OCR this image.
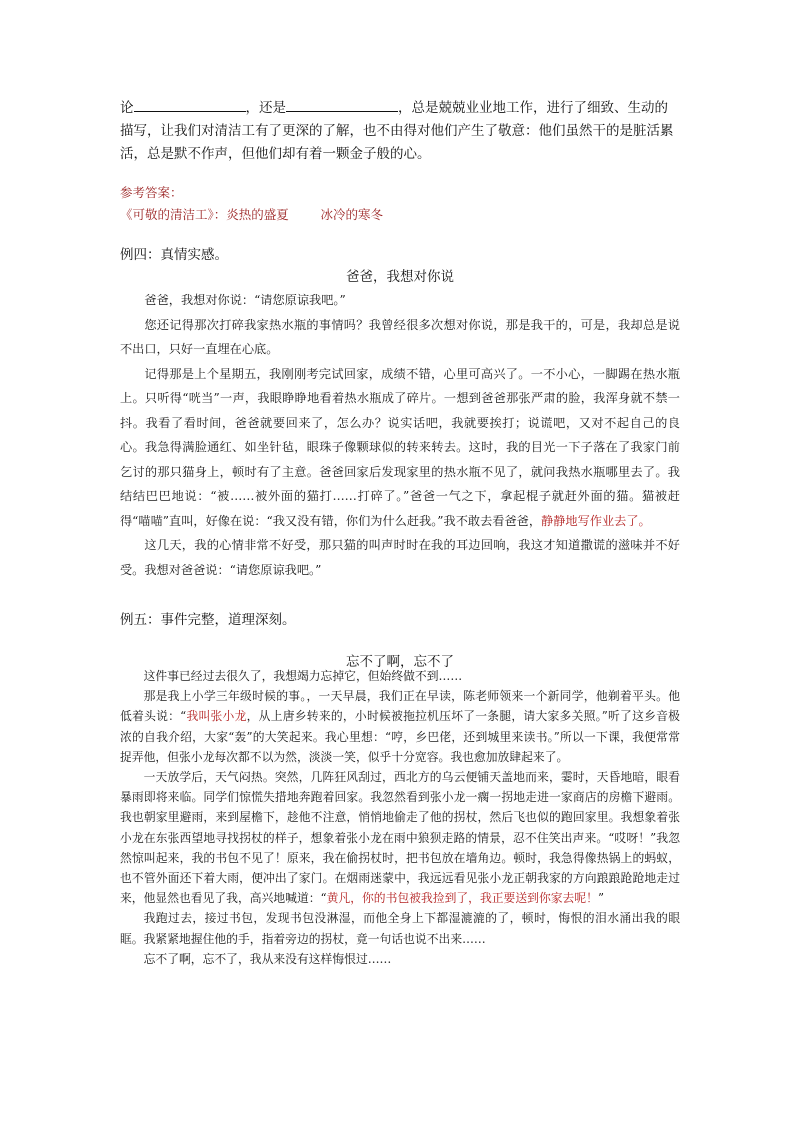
论	，还是	，总是兢兢业业地工作，进行了细致、生动的描写，让我们对清洁工有了更深的了解，也不由得对他们产生了敬意：他们虽然干的是脏活累活，总是默不作声，但他们却有着一颗金子般的心。
参考答案：
《可敬的清洁工》：炎热的盛夏        冰冷的寒冬
例四：真情实感。
爸爸，我想对你说

爸爸，我想对你说：“请您原谅我吧。”

您还记得那次打碎我家热水瓶的事情吗？我曾经很多次想对你说，那是我干的，可是，我却总是说不出口，只好一直埋在心底。

记得那是上个星期五，我刚刚考完试回家，成绩不错，心里可高兴了。一不小心，一脚踢在热水瓶上。只听得“咣当”一声，我眼睁睁地看着热水瓶成了碎片。一想到爸爸那张严肃的脸，我浑身就不禁一抖。我看了看时间，爸爸就要回来了，怎么办？说实话吧，我就要挨打；说谎吧，又对不起自己的良心。我急得满脸通红、如坐针毡，眼珠子像颗球似的转来转去。这时，我的目光一下子落在了我家门前乞讨的那只猫身上，顿时有了主意。爸爸回家后发现家里的热水瓶不见了，就问我热水瓶哪里去了。我结结巴巴地说：“被……被外面的猫打……打碎了。”爸爸一气之下，拿起棍子就赶外面的猫。猫被赶得“喵喵”直叫，好像在说：“我又没有错，你们为什么赶我。”我不敢去看爸爸，静静地写作业去了。

这几天，我的心情非常不好受，那只猫的叫声时时在我的耳边回响，我这才知道撒谎的滋味并不好受。我想对爸爸说：“请您原谅我吧。”

例五：事件完整，道理深刻。
忘不了啊，忘不了

这件事已经过去很久了，我想竭力忘掉它，但始终做不到……

那是我上小学三年级时候的事。，一天早晨，我们正在早读，陈老师领来一个新同学，他剃着平头。他低着头说：“我叫张小龙，从上唐乡转来的，小时候被拖拉机压坏了一条腿，请大家多关照。”听了这乡音极浓的自我介绍，大家“轰”的大笑起来。我心里想：“哼，乡巴佬，还到城里来读书。”所以一下课，我便常常捉弄他，但张小龙每次都不以为然，淡淡一笑，似乎十分宽容。我也愈加放肆起来了。

一天放学后，天气闷热。突然，几阵狂风刮过，西北方的乌云便铺天盖地而来，霎时，天昏地暗，眼看暴雨即将来临。同学们惊慌失措地奔跑着回家。我忽然看到张小龙一瘸一拐地走进一家商店的房檐下避雨。我也朝家里避雨，来到屋檐下，趁他不注意，悄悄地偷走了他的拐杖，然后飞也似的跑回家里。我想象着张小龙在东张西望地寻找拐杖的样子，想象着张小龙在雨中狼狈走路的情景，忍不住笑出声来。“哎呀！”我忽然惊叫起来，我的书包不见了！原来，我在偷拐杖时，把书包放在墙角边。顿时，我急得像热锅上的蚂蚁，也不管外面还下着大雨，便冲出了家门。在烟雨迷蒙中，我远远看见张小龙正朝我家的方向踉踉跄跄地走过来，他显然也看见了我，高兴地喊道：“黄凡，你的书包被我捡到了，我正要送到你家去呢！”

我跑过去，接过书包，发现书包没淋湿，而他全身上下都湿漉漉的了，顿时，悔恨的泪水涌出我的眼眶。我紧紧地握住他的手，指着旁边的拐杖，竟一句话也说不出来……

忘不了啊，忘不了，我从来没有这样悔恨过……
